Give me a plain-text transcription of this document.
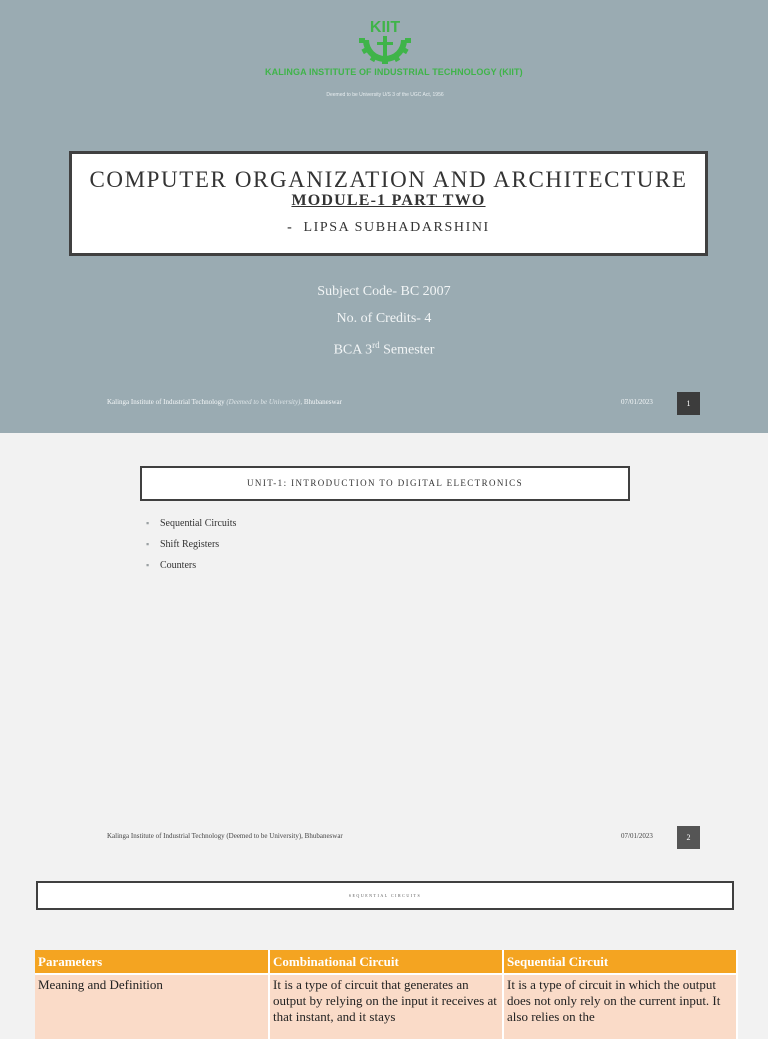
KIIT
KALINGA INSTITUTE OF INDUSTRIAL TECHNOLOGY (KIIT)
Deemed to be University U/S 3 of the UGC Act, 1956
COMPUTER ORGANIZATION AND ARCHITECTURE
MODULE-1 PART TWO
- LIPSA SUBHADARSHINI
Subject Code- BC 2007
No. of Credits- 4
BCA 3rd Semester
Kalinga Institute of Industrial Technology (Deemed to be University), Bhubaneswar	07/01/2023	1
UNIT-1: INTRODUCTION TO DIGITAL ELECTRONICS
▪ Sequential Circuits
▪ Shift Registers
▪ Counters
Kalinga Institute of Industrial Technology (Deemed to be University), Bhubaneswar	07/01/2023	2
SEQUENTIAL CIRCUITS
Parameters	Combinational Circuit	Sequential Circuit
Meaning and Definition	It is a type of circuit that generates an output by relying on the input it receives at that instant, and it stays	It is a type of circuit in which the output does not only rely on the current input. It also relies on the
